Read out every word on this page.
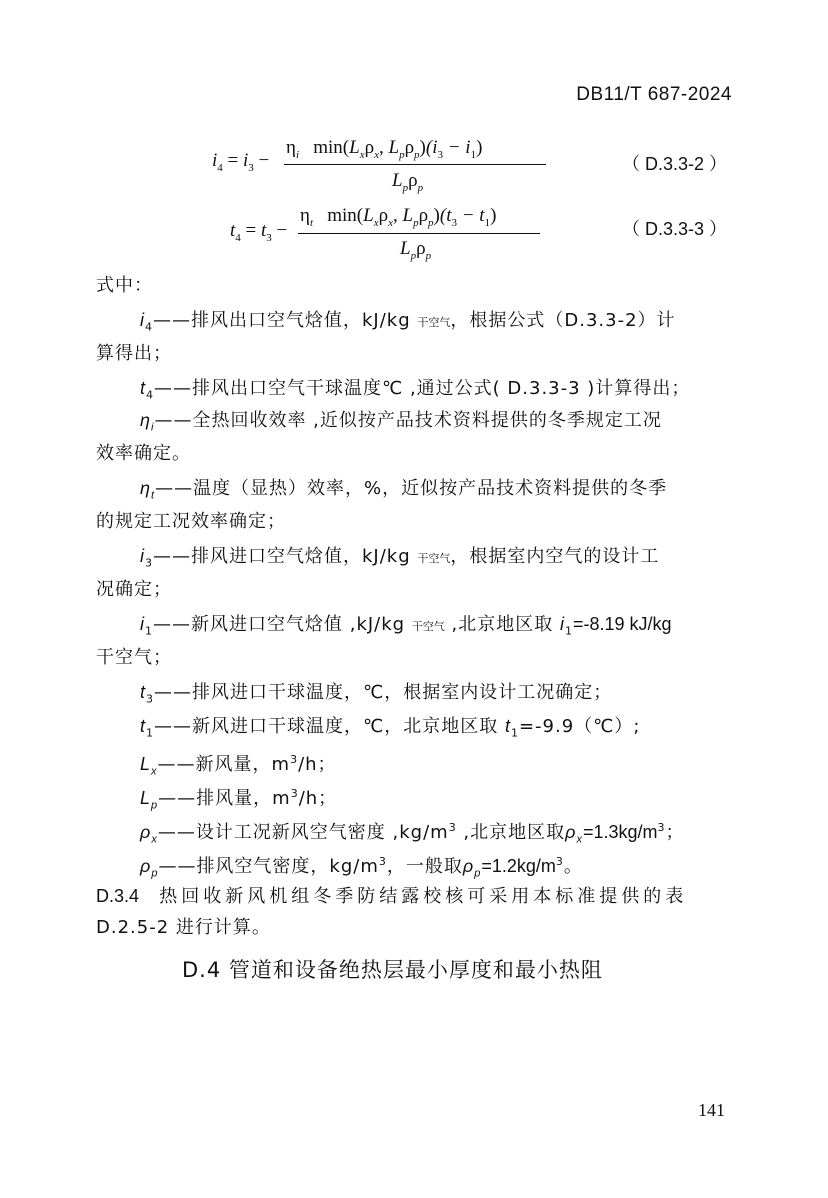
DB11/T 687-2024
$i_4 = i_3$ −
$\eta_i$   $\min(L_x\rho_x$, $L_p\rho_p)(i_3 - i_1)$
$L_p\rho_p$
（ D.3.3-2 ）
$t_4 = t_3$ −
$\eta_t$   $\min(L_x\rho_x$, $L_p\rho_p)(t_3 - t_1)$
$L_p\rho_p$
（ D.3.3-3 ）
式中：
$i_4——$排风出口空气焓值，kJ/kg 干空气，根据公式（D.3.3-2）计
算得出；
$t_4——$排风出口空气干球温度℃ ,通过公式( D.3.3-3 )计算得出；
$\eta_i——$全热回收效率 ,近似按产品技术资料提供的冬季规定工况
效率确定。
$\eta_t——$温度（显热）效率，%，近似按产品技术资料提供的冬季
的规定工况效率确定；
$i_3——$排风进口空气焓值，kJ/kg 干空气，根据室内空气的设计工
况确定；
$i_1——$新风进口空气焓值 ,kJ/kg 干空气 ,北京地区取 $i_1=-8.19$ kJ/kg
干空气；
$t_3——$排风进口干球温度，℃，根据室内设计工况确定；
$t_1——$新风进口干球温度，℃，北京地区取 $t_1=-9.9(℃)$;
$L_x——$新风量，$m^3/h$；
$L_p——$排风量，$m^3/h$；
$\rho_x——$设计工况新风空气密度 $,kg/m^3$ ,北京地区取$\rho_x=1.3kg/m^3$；
$\rho_p——$排风空气密度，$kg/m^3$，一般取$\rho_p=1.2kg/m^3$。
D.3.4 热回收新风机组冬季防结露校核可采用本标准提供的表
D.2.5-2 进行计算。
D.4 管道和设备绝热层最小厚度和最小热阻
141
